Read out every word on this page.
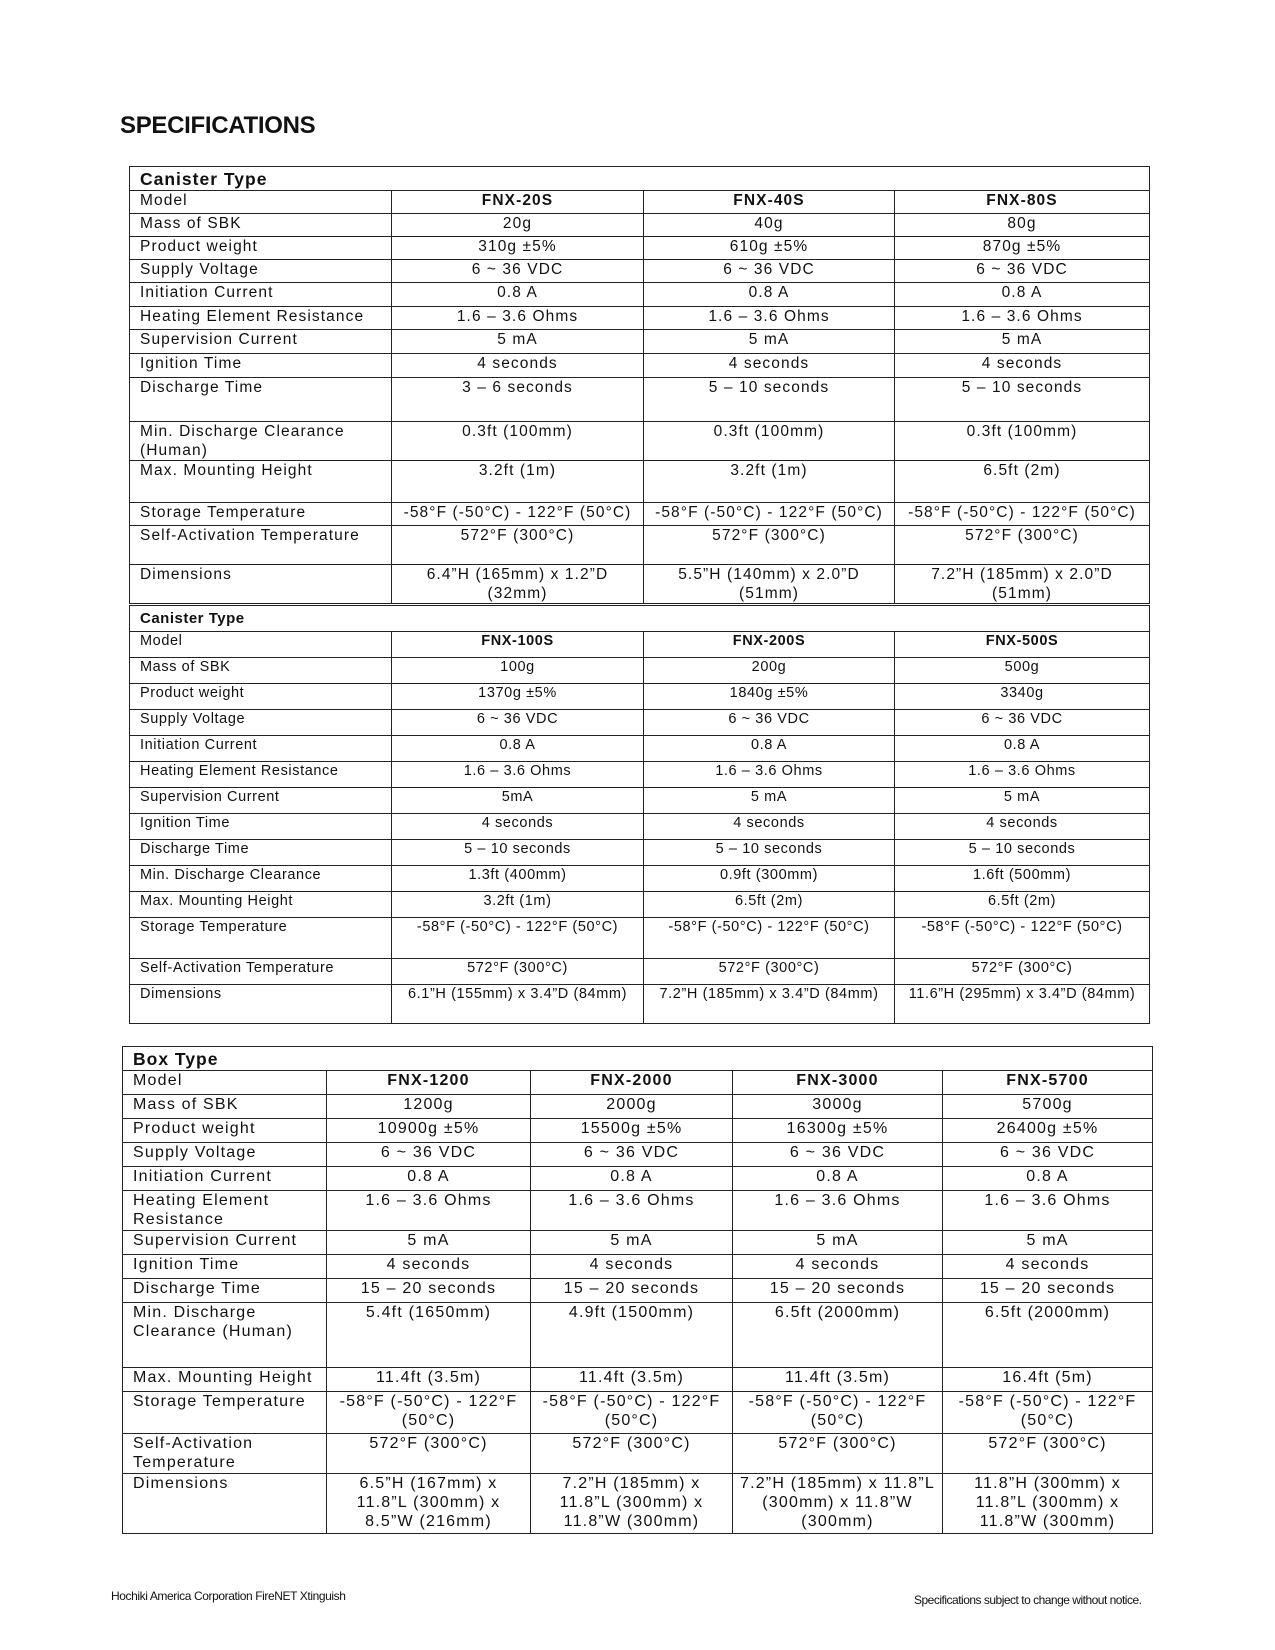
SPECIFICATIONS
Canister Type			
Model	FNX-20S	FNX-40S	FNX-80S
Mass of SBK	20g	40g	80g
Product weight	310g ±5%	610g ±5%	870g ±5%
Supply Voltage	6 ~ 36 VDC	6 ~ 36 VDC	6 ~ 36 VDC
Initiation Current	0.8 A	0.8 A	0.8 A
Heating Element Resistance	1.6 – 3.6 Ohms	1.6 – 3.6 Ohms	1.6 – 3.6 Ohms
Supervision Current	5 mA	5 mA	5 mA
Ignition Time	4 seconds	4 seconds	4 seconds
Discharge Time	3 – 6 seconds	5 – 10 seconds	5 – 10 seconds
Min. Discharge Clearance (Human)	0.3ft (100mm)	0.3ft (100mm)	0.3ft (100mm)
Max. Mounting Height	3.2ft (1m)	3.2ft (1m)	6.5ft (2m)
Storage Temperature	-58°F (-50°C) - 122°F (50°C)	-58°F (-50°C) - 122°F (50°C)	-58°F (-50°C) - 122°F (50°C)
Self-Activation Temperature	572°F (300°C)	572°F (300°C)	572°F (300°C)
Dimensions	6.4”H (165mm) x 1.2”D (32mm)	5.5”H (140mm) x 2.0”D (51mm)	7.2”H (185mm) x 2.0”D (51mm)
Canister Type			
Model	FNX-100S	FNX-200S	FNX-500S
Mass of SBK	100g	200g	500g
Product weight	1370g ±5%	1840g ±5%	3340g
Supply Voltage	6 ~ 36 VDC	6 ~ 36 VDC	6 ~ 36 VDC
Initiation Current	0.8 A	0.8 A	0.8 A
Heating Element Resistance	1.6 – 3.6 Ohms	1.6 – 3.6 Ohms	1.6 – 3.6 Ohms
Supervision Current	5mA	5 mA	5 mA
Ignition Time	4 seconds	4 seconds	4 seconds
Discharge Time	5 – 10 seconds	5 – 10 seconds	5 – 10 seconds
Min. Discharge Clearance	1.3ft (400mm)	0.9ft (300mm)	1.6ft (500mm)
Max. Mounting Height	3.2ft (1m)	6.5ft (2m)	6.5ft (2m)
Storage Temperature	-58°F (-50°C) - 122°F (50°C)	-58°F (-50°C) - 122°F (50°C)	-58°F (-50°C) - 122°F (50°C)
Self-Activation Temperature	572°F (300°C)	572°F (300°C)	572°F (300°C)
Dimensions	6.1”H (155mm) x 3.4”D (84mm)	7.2”H (185mm) x 3.4”D (84mm)	11.6”H (295mm) x 3.4”D (84mm)
Box Type				
Model	FNX-1200	FNX-2000	FNX-3000	FNX-5700
Mass of SBK	1200g	2000g	3000g	5700g
Product weight	10900g ±5%	15500g ±5%	16300g ±5%	26400g ±5%
Supply Voltage	6 ~ 36 VDC	6 ~ 36 VDC	6 ~ 36 VDC	6 ~ 36 VDC
Initiation Current	0.8 A	0.8 A	0.8 A	0.8 A
Heating Element Resistance	1.6 – 3.6 Ohms	1.6 – 3.6 Ohms	1.6 – 3.6 Ohms	1.6 – 3.6 Ohms
Supervision Current	5 mA	5 mA	5 mA	5 mA
Ignition Time	4 seconds	4 seconds	4 seconds	4 seconds
Discharge Time	15 – 20 seconds	15 – 20 seconds	15 – 20 seconds	15 – 20 seconds
Min. Discharge Clearance (Human)	5.4ft (1650mm)	4.9ft (1500mm)	6.5ft (2000mm)	6.5ft (2000mm)
Max. Mounting Height	11.4ft (3.5m)	11.4ft (3.5m)	11.4ft (3.5m)	16.4ft (5m)
Storage Temperature	-58°F (-50°C) - 122°F (50°C)	-58°F (-50°C) - 122°F (50°C)	-58°F (-50°C) - 122°F (50°C)	-58°F (-50°C) - 122°F (50°C)
Self-Activation Temperature	572°F (300°C)	572°F (300°C)	572°F (300°C)	572°F (300°C)
Dimensions	6.5”H (167mm) x 11.8”L (300mm) x 8.5”W (216mm)	7.2”H (185mm) x 11.8”L (300mm) x 11.8”W (300mm)	7.2”H (185mm) x 11.8”L (300mm) x 11.8”W (300mm)	11.8”H (300mm) x 11.8”L (300mm) x 11.8”W (300mm)
Hochiki America Corporation FireNET Xtinguish	Specifications subject to change without notice.
